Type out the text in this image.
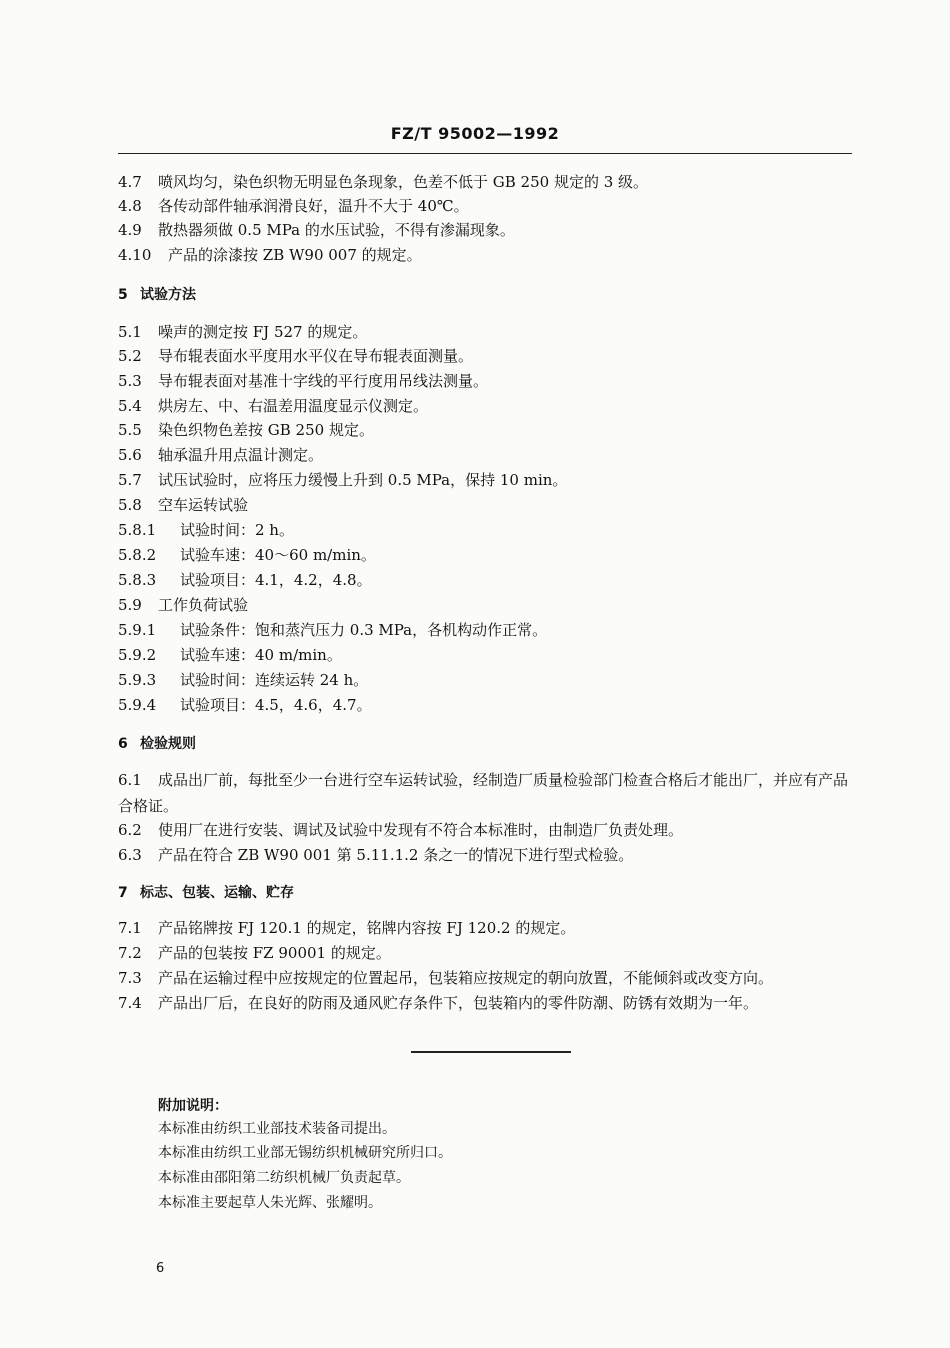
FZ/T 95002—1992
4.7 喷风均匀，染色织物无明显色条现象，色差不低于 GB 250 规定的 3 级。
4.8 各传动部件轴承润滑良好，温升不大于 40℃。
4.9 散热器须做 0.5 MPa 的水压试验，不得有渗漏现象。
4.10 产品的涂漆按 ZB W90 007 的规定。
5 试验方法
5.1 噪声的测定按 FJ 527 的规定。
5.2 导布辊表面水平度用水平仪在导布辊表面测量。
5.3 导布辊表面对基准十字线的平行度用吊线法测量。
5.4 烘房左、中、右温差用温度显示仪测定。
5.5 染色织物色差按 GB 250 规定。
5.6 轴承温升用点温计测定。
5.7 试压试验时，应将压力缓慢上升到 0.5 MPa，保持 10 min。
5.8 空车运转试验
5.8.1 试验时间：2 h。
5.8.2 试验车速：40～60 m/min。
5.8.3 试验项目：4.1，4.2，4.8。
5.9 工作负荷试验
5.9.1 试验条件：饱和蒸汽压力 0.3 MPa，各机构动作正常。
5.9.2 试验车速：40 m/min。
5.9.3 试验时间：连续运转 24 h。
5.9.4 试验项目：4.5，4.6，4.7。
6 检验规则
6.1 成品出厂前，每批至少一台进行空车运转试验，经制造厂质量检验部门检查合格后才能出厂，并应有产品合格证。
6.2 使用厂在进行安装、调试及试验中发现有不符合本标准时，由制造厂负责处理。
6.3 产品在符合 ZB W90 001 第 5.11.1.2 条之一的情况下进行型式检验。
7 标志、包装、运输、贮存
7.1 产品铭牌按 FJ 120.1 的规定，铭牌内容按 FJ 120.2 的规定。
7.2 产品的包装按 FZ 90001 的规定。
7.3 产品在运输过程中应按规定的位置起吊，包装箱应按规定的朝向放置，不能倾斜或改变方向。
7.4 产品出厂后，在良好的防雨及通风贮存条件下，包装箱内的零件防潮、防锈有效期为一年。
附加说明：
本标准由纺织工业部技术装备司提出。
本标准由纺织工业部无锡纺织机械研究所归口。
本标准由邵阳第二纺织机械厂负责起草。
本标准主要起草人朱光辉、张耀明。
6
